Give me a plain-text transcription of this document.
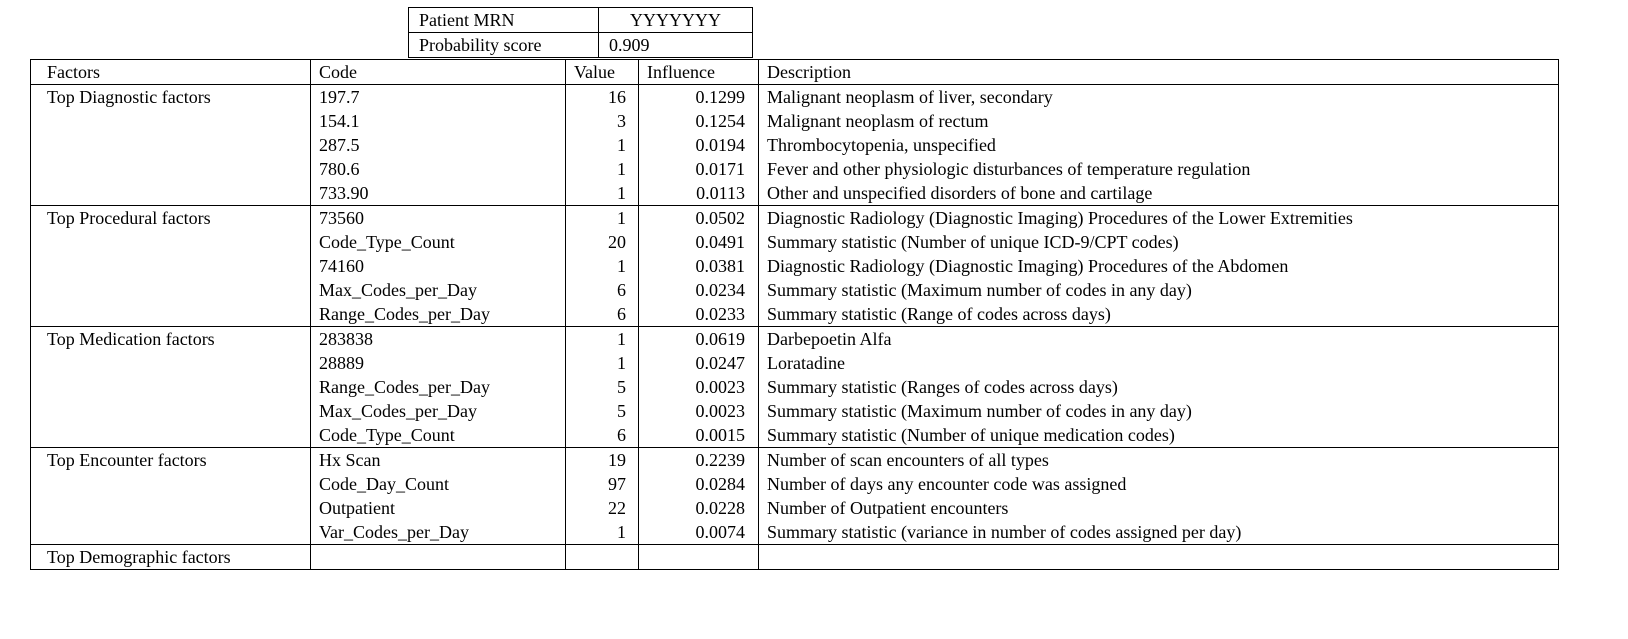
Patient MRN	YYYYYYY
Probability score	0.909
Factors	Code	Value	Influence	Description
Top Diagnostic factors	197.7	16	0.1299	Malignant neoplasm of liver, secondary
	154.1	3	0.1254	Malignant neoplasm of rectum
	287.5	1	0.0194	Thrombocytopenia, unspecified
	780.6	1	0.0171	Fever and other physiologic disturbances of temperature regulation
	733.90	1	0.0113	Other and unspecified disorders of bone and cartilage
Top Procedural factors	73560	1	0.0502	Diagnostic Radiology (Diagnostic Imaging) Procedures of the Lower Extremities
	Code_Type_Count	20	0.0491	Summary statistic (Number of unique ICD-9/CPT codes)
	74160	1	0.0381	Diagnostic Radiology (Diagnostic Imaging) Procedures of the Abdomen
	Max_Codes_per_Day	6	0.0234	Summary statistic (Maximum number of codes in any day)
	Range_Codes_per_Day	6	0.0233	Summary statistic (Range of codes across days)
Top Medication factors	283838	1	0.0619	Darbepoetin Alfa
	28889	1	0.0247	Loratadine
	Range_Codes_per_Day	5	0.0023	Summary statistic (Ranges of codes across days)
	Max_Codes_per_Day	5	0.0023	Summary statistic (Maximum number of codes in any day)
	Code_Type_Count	6	0.0015	Summary statistic (Number of unique medication codes)
Top Encounter factors	Hx Scan	19	0.2239	Number of scan encounters of all types
	Code_Day_Count	97	0.0284	Number of days any encounter code was assigned
	Outpatient	22	0.0228	Number of Outpatient encounters
	Var_Codes_per_Day	1	0.0074	Summary statistic (variance in number of codes assigned per day)
Top Demographic factors				
